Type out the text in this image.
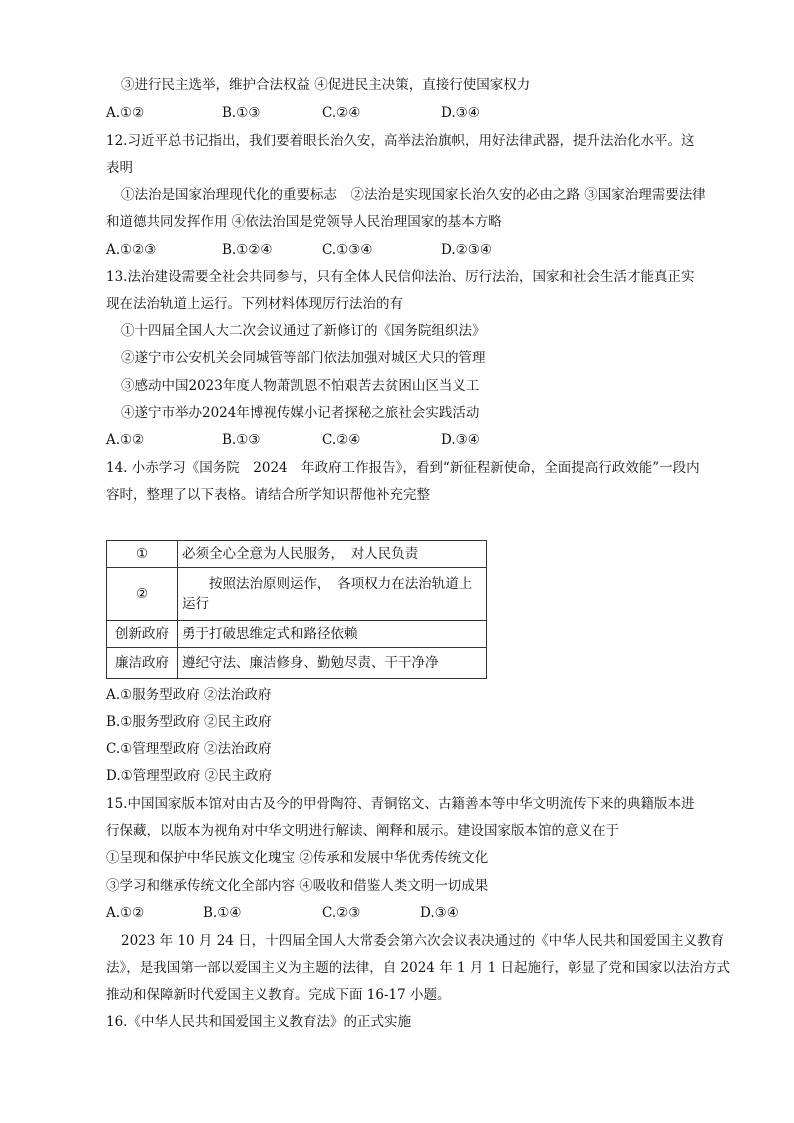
③进行民主选举，维护合法权益 ④促进民主决策，直接行使国家权力
A.①②	B.①③	C.②④	D.③④
12.习近平总书记指出，我们要着眼长治久安，高举法治旗帜，用好法律武器，提升法治化水平。这
表明
①法治是国家治理现代化的重要标志　②法治是实现国家长治久安的必由之路 ③国家治理需要法律
和道德共同发挥作用 ④依法治国是党领导人民治理国家的基本方略
A.①②③	B.①②④	C.①③④	D.②③④
13.法治建设需要全社会共同参与，只有全体人民信仰法治、厉行法治，国家和社会生活才能真正实
现在法治轨道上运行。下列材料体现厉行法治的有
①十四届全国人大二次会议通过了新修订的《国务院组织法》
②遂宁市公安机关会同城管等部门依法加强对城区犬只的管理
③感动中国2023年度人物萧凯恩不怕艰苦去贫困山区当义工
④遂宁市举办2024年博视传媒小记者探秘之旅社会实践活动
A.①②	B.①③	C.②④	D.③④
14. 小赤学习《国务院　2024　年政府工作报告》，看到“新征程新使命，全面提高行政效能”一段内
容时，整理了以下表格。请结合所学知识帮他补充完整
①	必须全心全意为人民服务，　对人民负责
②	　　按照法治原则运作，　各项权力在法治轨道上运行
创新政府	勇于打破思维定式和路径依赖
廉洁政府	遵纪守法、廉洁修身、勤勉尽责、干干净净
A.①服务型政府 ②法治政府
B.①服务型政府 ②民主政府
C.①管理型政府 ②法治政府
D.①管理型政府 ②民主政府
15.中国国家版本馆对由古及今的甲骨陶符、青铜铭文、古籍善本等中华文明流传下来的典籍版本进
行保藏，以版本为视角对中华文明进行解读、阐释和展示。建设国家版本馆的意义在于
①呈现和保护中华民族文化瑰宝 ②传承和发展中华优秀传统文化
③学习和继承传统文化全部内容 ④吸收和借鉴人类文明一切成果
A.①②	B.①④	C.②③	D.③④
2023 年 10 月 24 日，十四届全国人大常委会第六次会议表决通过的《中华人民共和国爱国主义教育
法》，是我国第一部以爱国主义为主题的法律，自 2024 年 1 月 1 日起施行，彰显了党和国家以法治方式
推动和保障新时代爱国主义教育。完成下面 16-17 小题。
16.《中华人民共和国爱国主义教育法》的正式实施
